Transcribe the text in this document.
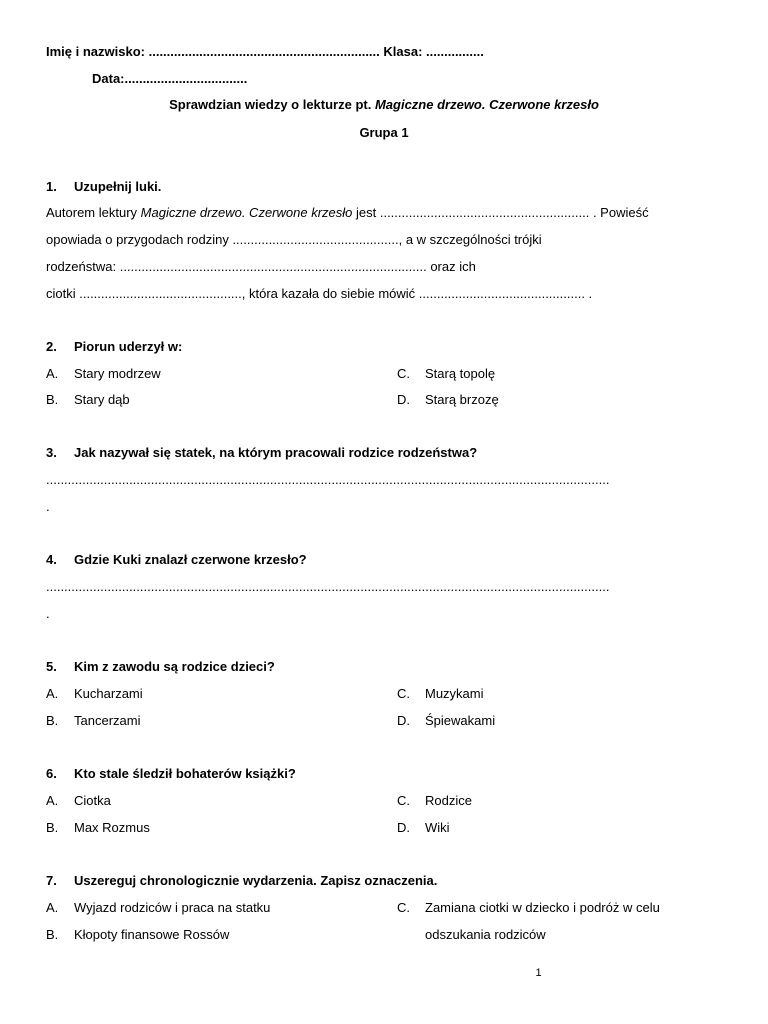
Imię i nazwisko: ................................................................ Klasa: ................
Data:..................................
Sprawdzian wiedzy o lekturze pt. Magiczne drzewo. Czerwone krzesło
Grupa 1
1. Uzupełnij luki.
Autorem lektury Magiczne drzewo. Czerwone krzesło jest .......................................................... . Powieść
opowiada o przygodach rodziny .............................................., a w szczególności trójki
rodzeństwa: ..................................................................................... oraz ich
ciotki ............................................., która kazała do siebie mówić .............................................. .
2. Piorun uderzył w:
A. Stary modrzew	C. Starą topolę
B. Stary dąb	D. Starą brzozę
3. Jak nazywał się statek, na którym pracowali rodzice rodzeństwa?
............................................................................................................................................................
.
4. Gdzie Kuki znalazł czerwone krzesło?
............................................................................................................................................................
.
5. Kim z zawodu są rodzice dzieci?
A. Kucharzami	C. Muzykami
B. Tancerzami	D. Śpiewakami
6. Kto stale śledził bohaterów książki?
A. Ciotka	C. Rodzice
B. Max Rozmus	D. Wiki
7. Uszereguj chronologicznie wydarzenia. Zapisz oznaczenia.
A. Wyjazd rodziców i praca na statku	C. Zamiana ciotki w dziecko i podróż w celu
B. Kłopoty finansowe Rossów	odszukania rodziców
1
